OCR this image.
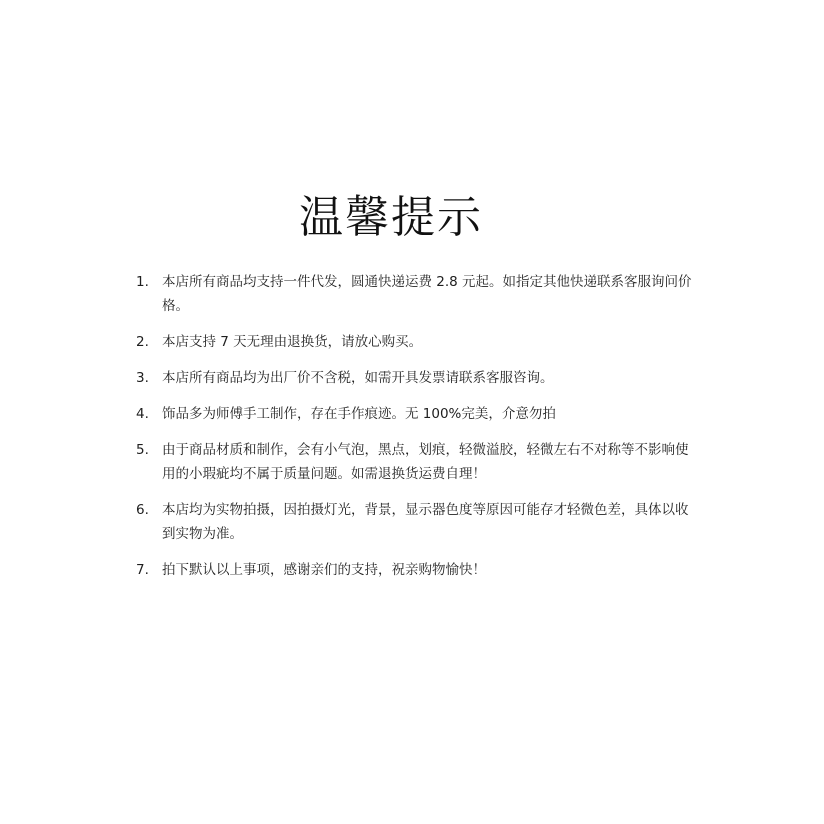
温馨提示
1. 本店所有商品均支持一件代发，圆通快递运费 2.8 元起。如指定其他快递联系客服询问价格。
2. 本店支持 7 天无理由退换货，请放心购买。
3. 本店所有商品均为出厂价不含税，如需开具发票请联系客服咨询。
4. 饰品多为师傅手工制作，存在手作痕迹。无 100%完美，介意勿拍
5. 由于商品材质和制作，会有小气泡，黑点，划痕，轻微溢胶，轻微左右不对称等不影响使用的小瑕疵均不属于质量问题。如需退换货运费自理！
6. 本店均为实物拍摄，因拍摄灯光，背景，显示器色度等原因可能存才轻微色差，具体以收到实物为准。
7. 拍下默认以上事项，感谢亲们的支持，祝亲购物愉快！
